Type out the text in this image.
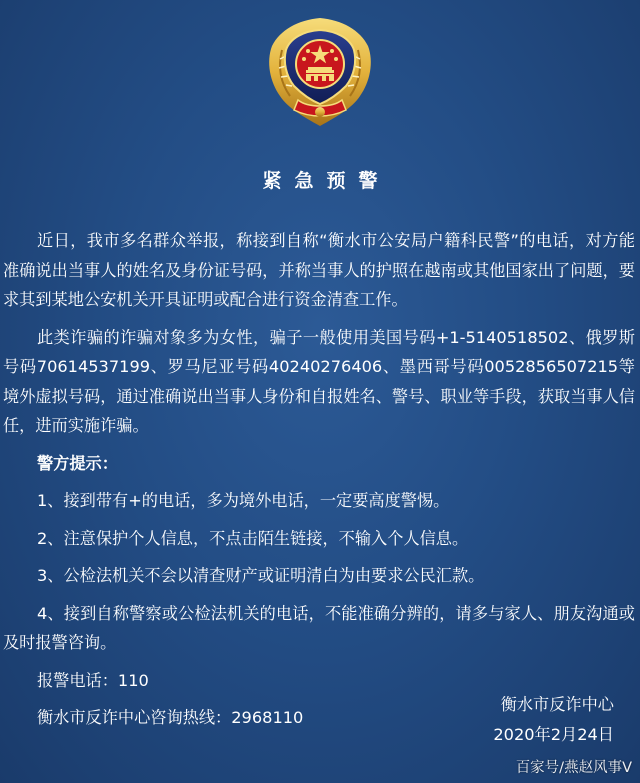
紧急预警

近日，我市多名群众举报，称接到自称“衡水市公安局户籍科民警”的电话，对方能准确说出当事人的姓名及身份证号码，并称当事人的护照在越南或其他国家出了问题，要求其到某地公安机关开具证明或配合进行资金清查工作。

此类诈骗的诈骗对象多为女性，骗子一般使用美国号码+1-5140518502、俄罗斯号码70614537199、罗马尼亚号码40240276406、墨西哥号码0052856507215等境外虚拟号码，通过准确说出当事人身份和自报姓名、警号、职业等手段，获取当事人信任，进而实施诈骗。

警方提示：

1、接到带有+的电话，多为境外电话，一定要高度警惕。

2、注意保护个人信息，不点击陌生链接，不输入个人信息。

3、公检法机关不会以清查财产或证明清白为由要求公民汇款。

4、接到自称警察或公检法机关的电话，不能准确分辨的，请多与家人、朋友沟通或及时报警咨询。

报警电话：110

衡水市反诈中心咨询热线：2968110

衡水市反诈中心
2020年2月24日
百家号/燕赵风事V
